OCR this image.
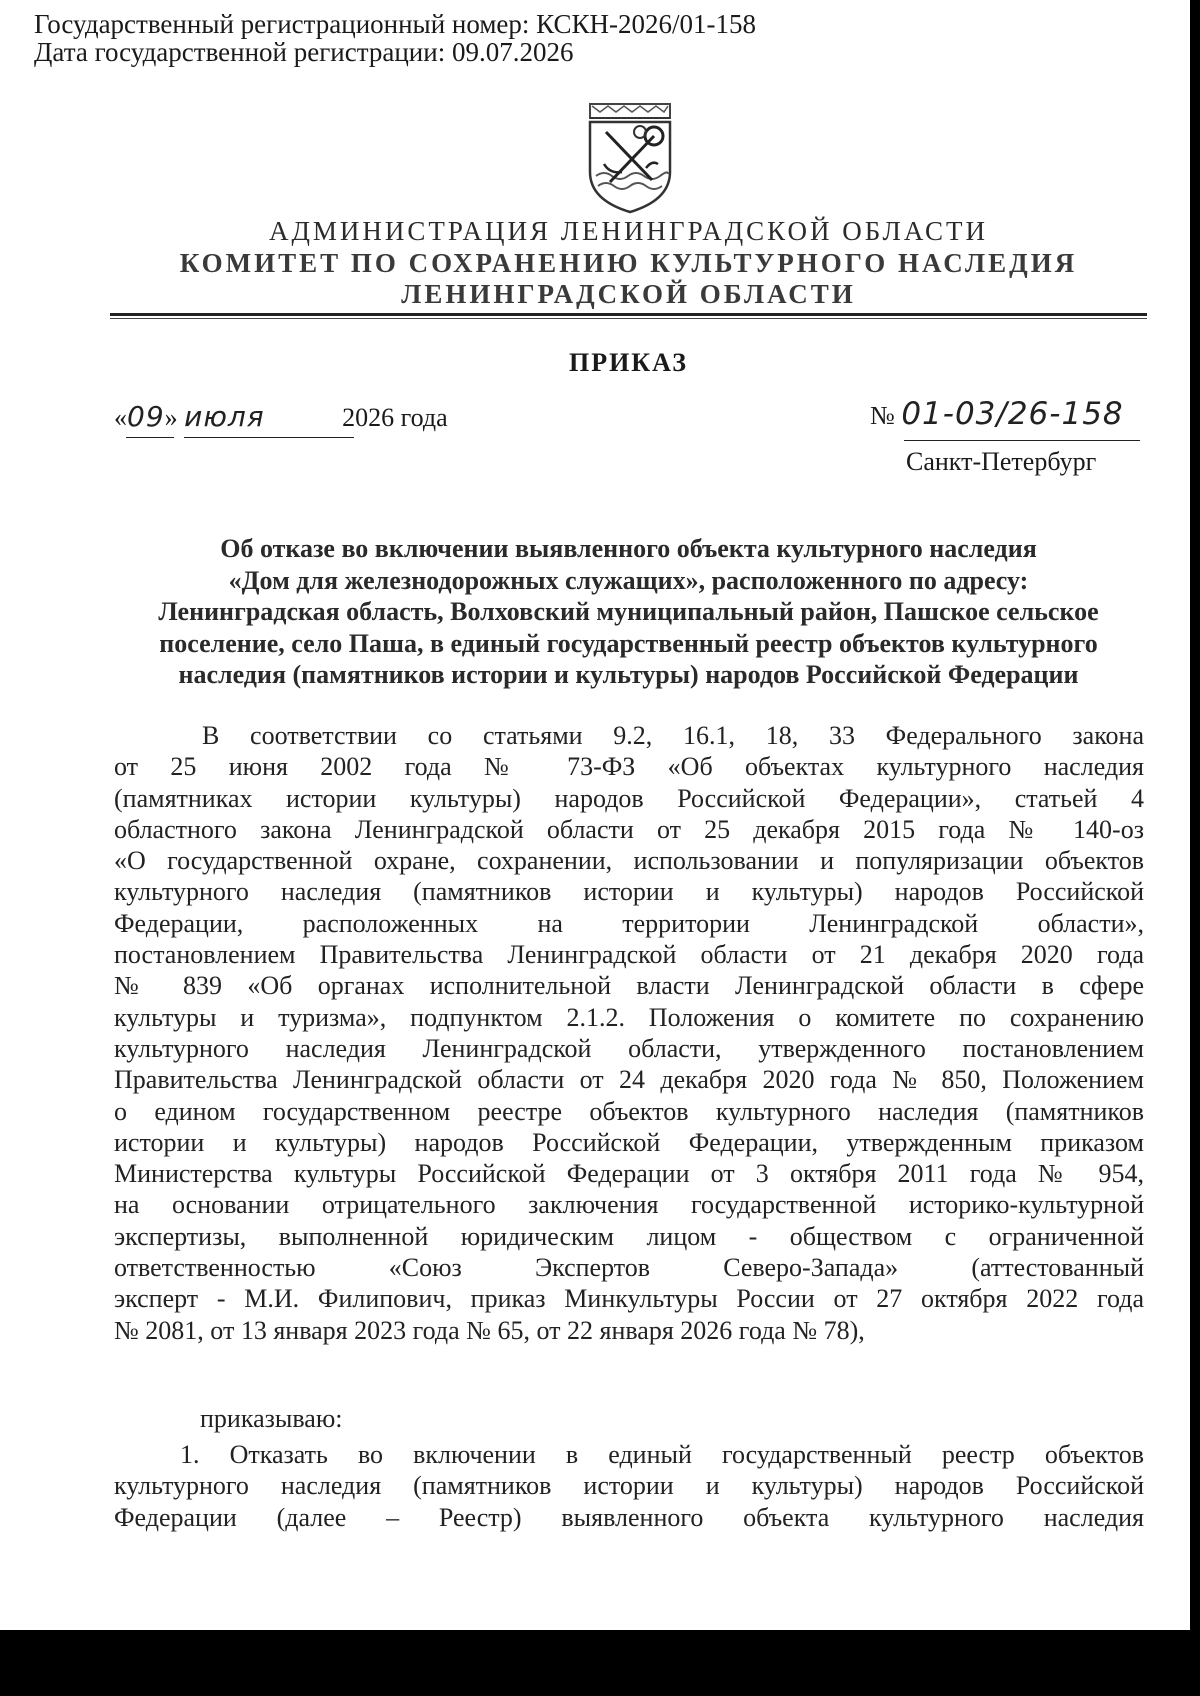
Государственный регистрационный номер: КСКН-2026/01-158
Дата государственной регистрации: 09.07.2026
АДМИНИСТРАЦИЯ ЛЕНИНГРАДСКОЙ ОБЛАСТИ
КОМИТЕТ ПО СОХРАНЕНИЮ КУЛЬТУРНОГО НАСЛЕДИЯ
ЛЕНИНГРАДСКОЙ ОБЛАСТИ
ПРИКАЗ
«09» июля	2026 года	№ 01-03/26-158
Санкт-Петербург
Об отказе во включении выявленного объекта культурного наследия
«Дом для железнодорожных служащих», расположенного по адресу:
Ленинградская область, Волховский муниципальный район, Пашское сельское
поселение, село Паша, в единый государственный реестр объектов культурного
наследия (памятников истории и культуры) народов Российской Федерации
В соответствии со статьями 9.2, 16.1, 18, 33 Федерального закона
от 25 июня 2002 года № 73-ФЗ «Об объектах культурного наследия
(памятниках истории культуры) народов Российской Федерации», статьей 4
областного закона Ленинградской области от 25 декабря 2015 года № 140-оз
«О государственной охране, сохранении, использовании и популяризации объектов
культурного наследия (памятников истории и культуры) народов Российской
Федерации, расположенных на территории Ленинградской области»,
постановлением Правительства Ленинградской области от 21 декабря 2020 года
№ 839 «Об органах исполнительной власти Ленинградской области в сфере
культуры и туризма», подпунктом 2.1.2. Положения о комитете по сохранению
культурного наследия Ленинградской области, утвержденного постановлением
Правительства Ленинградской области от 24 декабря 2020 года № 850, Положением
о едином государственном реестре объектов культурного наследия (памятников
истории и культуры) народов Российской Федерации, утвержденным приказом
Министерства культуры Российской Федерации от 3 октября 2011 года № 954,
на основании отрицательного заключения государственной историко-культурной
экспертизы, выполненной юридическим лицом - обществом с ограниченной
ответственностью «Союз Экспертов Северо-Запада» (аттестованный
эксперт - М.И. Филипович, приказ Минкультуры России от 27 октября 2022 года
№ 2081, от 13 января 2023 года № 65, от 22 января 2026 года № 78),
приказываю:
1. Отказать во включении в единый государственный реестр объектов
культурного наследия (памятников истории и культуры) народов Российской
Федерации (далее – Реестр) выявленного объекта культурного наследия
